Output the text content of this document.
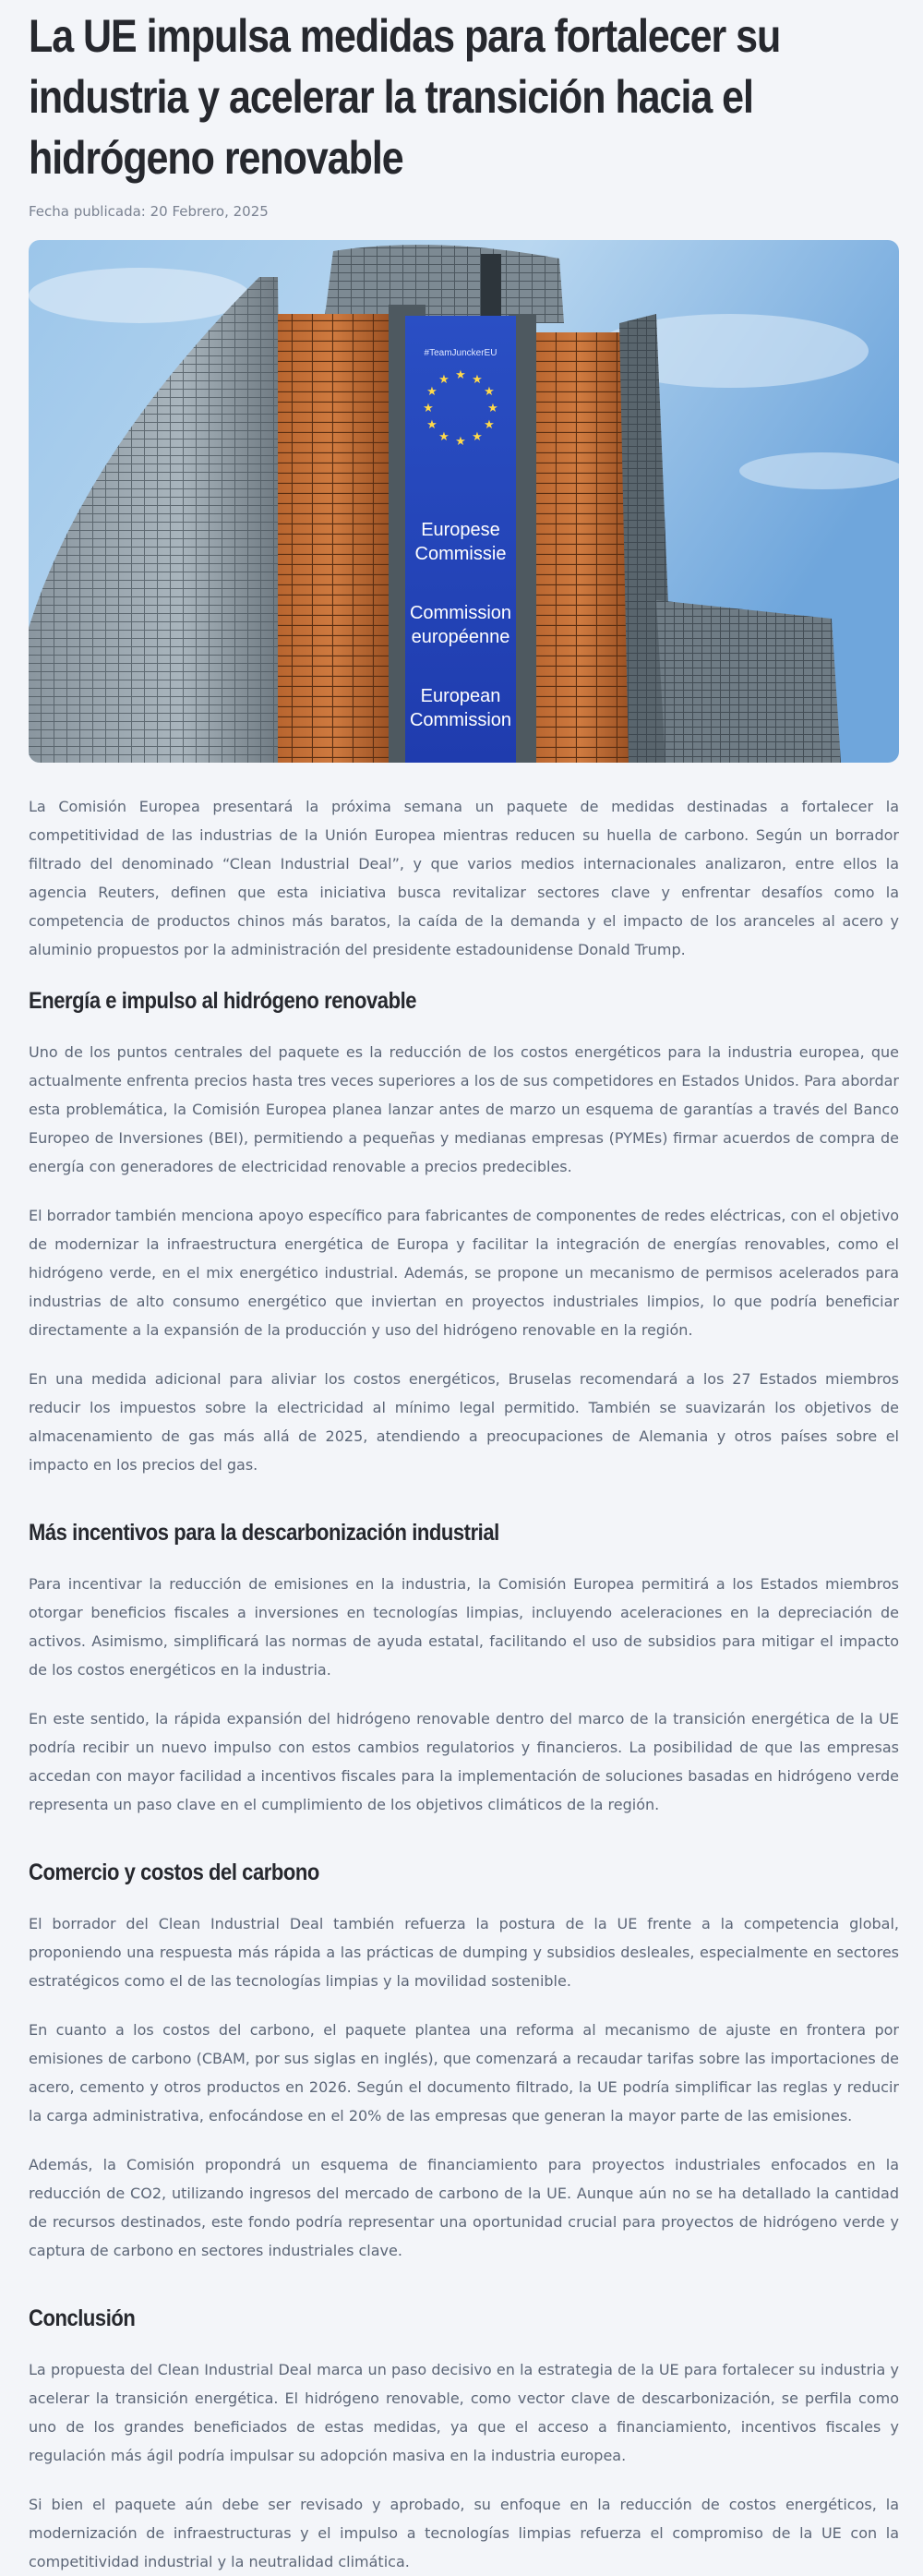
La UE impulsa medidas para fortalecer su industria y acelerar la transición hacia el hidrógeno renovable
Fecha publicada: 20 Febrero, 2025
#TeamJunckerEU
★ ★
★
★
★
★
★
★
★
★
★
★
Europese
Commissie
Commission
européenne
European
Commission

La Comisión Europea presentará la próxima semana un paquete de medidas destinadas a fortalecer la competitividad de las industrias de la Unión Europea mientras reducen su huella de carbono. Según un borrador filtrado del denominado “Clean Industrial Deal”, y que varios medios internacionales analizaron, entre ellos la agencia Reuters, definen que esta iniciativa busca revitalizar sectores clave y enfrentar desafíos como la competencia de productos chinos más baratos, la caída de la demanda y el impacto de los aranceles al acero y aluminio propuestos por la administración del presidente estadounidense Donald Trump.

Energía e impulso al hidrógeno renovable

Uno de los puntos centrales del paquete es la reducción de los costos energéticos para la industria europea, que actualmente enfrenta precios hasta tres veces superiores a los de sus competidores en Estados Unidos. Para abordar esta problemática, la Comisión Europea planea lanzar antes de marzo un esquema de garantías a través del Banco Europeo de Inversiones (BEI), permitiendo a pequeñas y medianas empresas (PYMEs) firmar acuerdos de compra de energía con generadores de electricidad renovable a precios predecibles.

El borrador también menciona apoyo específico para fabricantes de componentes de redes eléctricas, con el objetivo de modernizar la infraestructura energética de Europa y facilitar la integración de energías renovables, como el hidrógeno verde, en el mix energético industrial. Además, se propone un mecanismo de permisos acelerados para industrias de alto consumo energético que inviertan en proyectos industriales limpios, lo que podría beneficiar directamente a la expansión de la producción y uso del hidrógeno renovable en la región.

En una medida adicional para aliviar los costos energéticos, Bruselas recomendará a los 27 Estados miembros reducir los impuestos sobre la electricidad al mínimo legal permitido. También se suavizarán los objetivos de almacenamiento de gas más allá de 2025, atendiendo a preocupaciones de Alemania y otros países sobre el impacto en los precios del gas.

Más incentivos para la descarbonización industrial

Para incentivar la reducción de emisiones en la industria, la Comisión Europea permitirá a los Estados miembros otorgar beneficios fiscales a inversiones en tecnologías limpias, incluyendo aceleraciones en la depreciación de activos. Asimismo, simplificará las normas de ayuda estatal, facilitando el uso de subsidios para mitigar el impacto de los costos energéticos en la industria.

En este sentido, la rápida expansión del hidrógeno renovable dentro del marco de la transición energética de la UE podría recibir un nuevo impulso con estos cambios regulatorios y financieros. La posibilidad de que las empresas accedan con mayor facilidad a incentivos fiscales para la implementación de soluciones basadas en hidrógeno verde representa un paso clave en el cumplimiento de los objetivos climáticos de la región.

Comercio y costos del carbono

El borrador del Clean Industrial Deal también refuerza la postura de la UE frente a la competencia global, proponiendo una respuesta más rápida a las prácticas de dumping y subsidios desleales, especialmente en sectores estratégicos como el de las tecnologías limpias y la movilidad sostenible.

En cuanto a los costos del carbono, el paquete plantea una reforma al mecanismo de ajuste en frontera por emisiones de carbono (CBAM, por sus siglas en inglés), que comenzará a recaudar tarifas sobre las importaciones de acero, cemento y otros productos en 2026. Según el documento filtrado, la UE podría simplificar las reglas y reducir la carga administrativa, enfocándose en el 20% de las empresas que generan la mayor parte de las emisiones.

Además, la Comisión propondrá un esquema de financiamiento para proyectos industriales enfocados en la reducción de CO2, utilizando ingresos del mercado de carbono de la UE. Aunque aún no se ha detallado la cantidad de recursos destinados, este fondo podría representar una oportunidad crucial para proyectos de hidrógeno verde y captura de carbono en sectores industriales clave.

Conclusión

La propuesta del Clean Industrial Deal marca un paso decisivo en la estrategia de la UE para fortalecer su industria y acelerar la transición energética. El hidrógeno renovable, como vector clave de descarbonización, se perfila como uno de los grandes beneficiados de estas medidas, ya que el acceso a financiamiento, incentivos fiscales y regulación más ágil podría impulsar su adopción masiva en la industria europea.

Si bien el paquete aún debe ser revisado y aprobado, su enfoque en la reducción de costos energéticos, la modernización de infraestructuras y el impulso a tecnologías limpias refuerza el compromiso de la UE con la competitividad industrial y la neutralidad climática.
